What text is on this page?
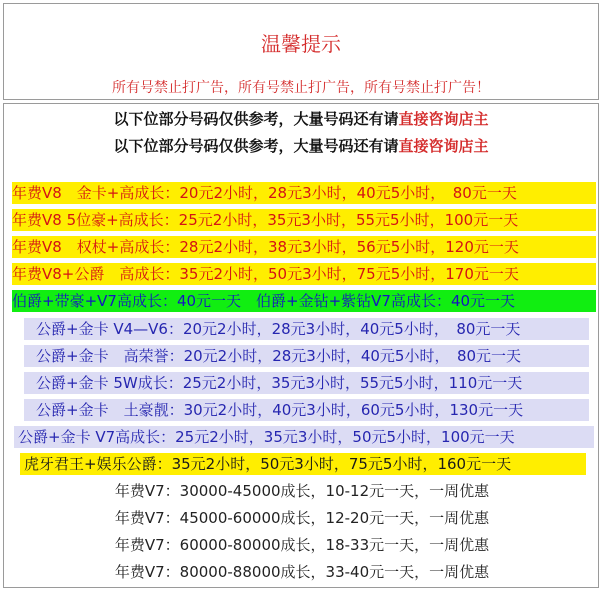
温馨提示
所有号禁止打广告，所有号禁止打广告，所有号禁止打广告！
以下位部分号码仅供参考，大量号码还有请直接咨询店主
以下位部分号码仅供参考，大量号码还有请直接咨询店主
年费V8　金卡+高成长：20元2小时，28元3小时，40元5小时，　80元一天
年费V8 5位豪+高成长：25元2小时，35元3小时，55元5小时，100元一天
年费V8　权杖+高成长：28元2小时，38元3小时，56元5小时，120元一天
年费V8+公爵　高成长：35元2小时，50元3小时，75元5小时，170元一天
伯爵+带豪+V7高成长：40元一天　伯爵+金钻+紫钻V7高成长：40元一天
公爵+金卡 V4—V6：20元2小时，28元3小时，40元5小时，　80元一天
公爵+金卡　高荣誉：20元2小时，28元3小时，40元5小时，　80元一天
公爵+金卡 5W成长：25元2小时，35元3小时，55元5小时，110元一天
公爵+金卡　土豪靓：30元2小时，40元3小时，60元5小时，130元一天
公爵+金卡 V7高成长：25元2小时，35元3小时，50元5小时，100元一天
虎牙君王+娱乐公爵：35元2小时，50元3小时，75元5小时，160元一天
年费V7：30000-45000成长，10-12元一天，一周优惠
年费V7：45000-60000成长，12-20元一天，一周优惠
年费V7：60000-80000成长，18-33元一天，一周优惠
年费V7：80000-88000成长，33-40元一天，一周优惠
